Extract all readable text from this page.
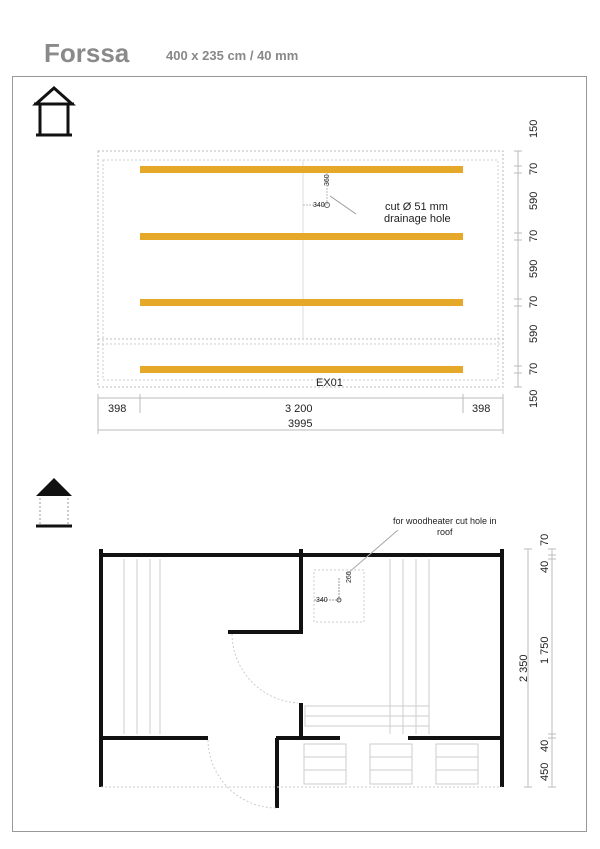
Forssa	400 x 235 cm / 40 mm
360
340	cut Ø 51 mm
drainage hole
EX01
398	3 200	398
3995
150
70
590
70
590
70
590
70
150
260
340
for woodheater cut hole in
roof
2 350
70
40
1 750
40
450
